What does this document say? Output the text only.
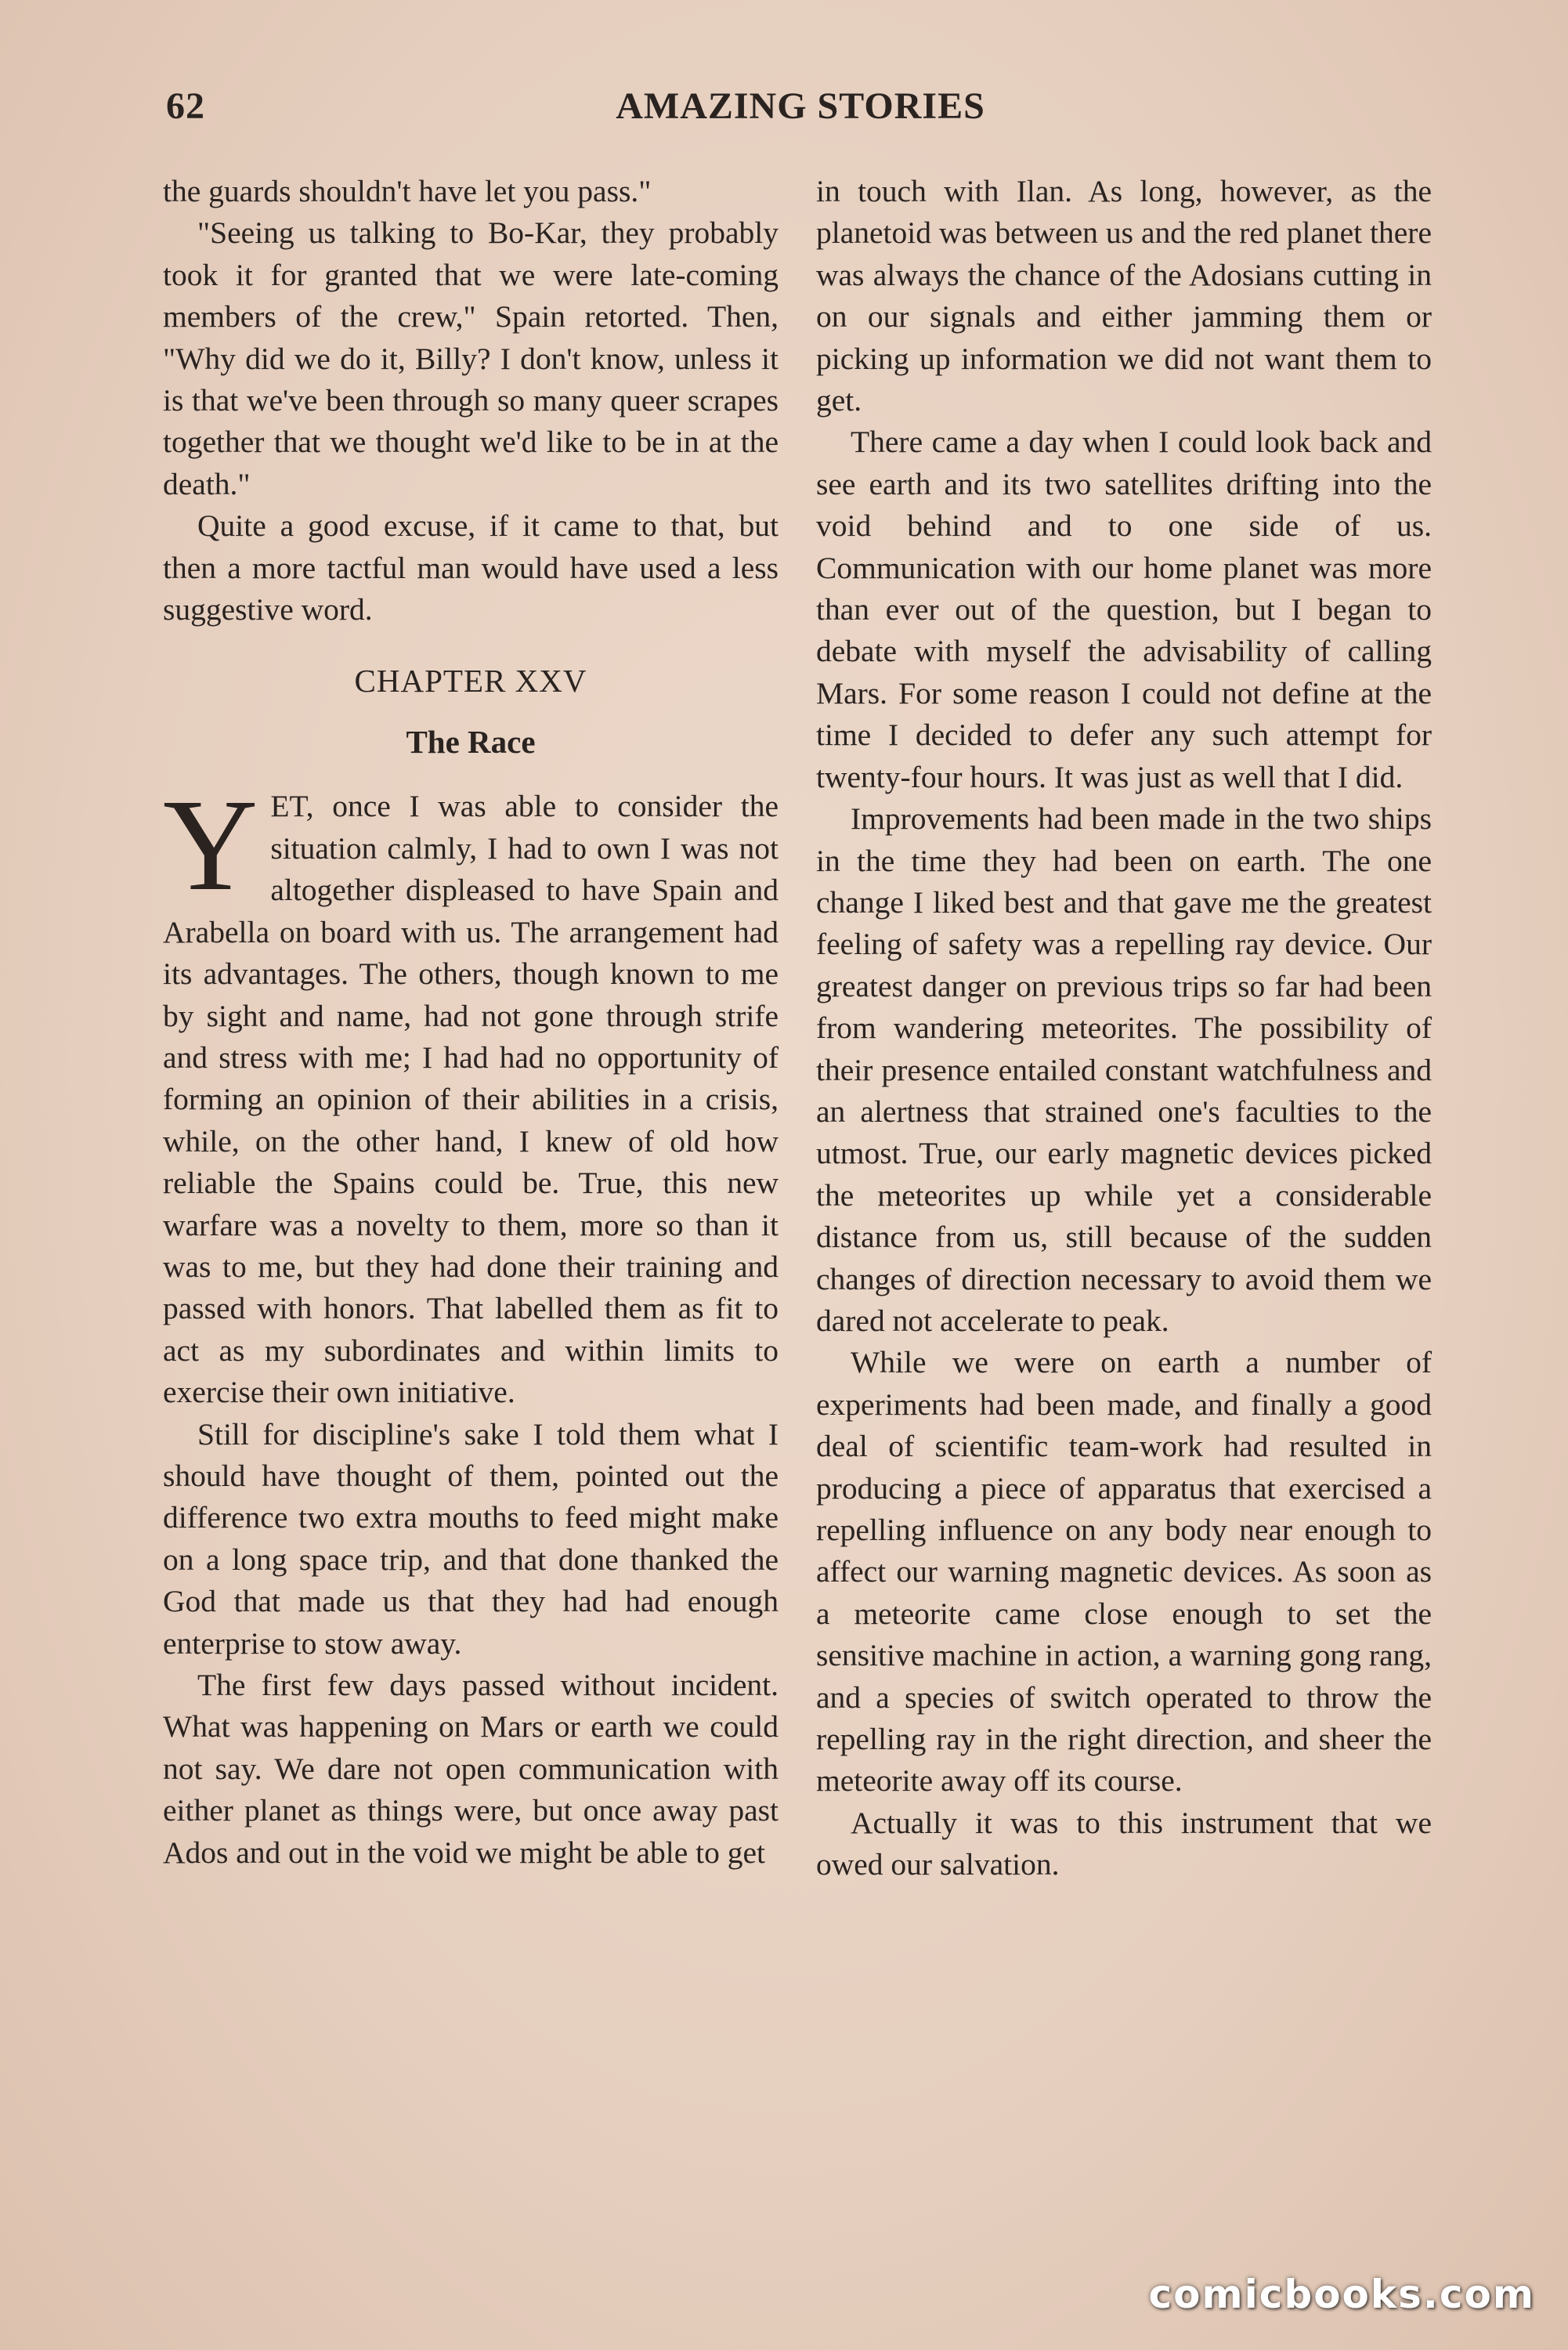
62	AMAZING STORIES

the guards shouldn't have let you pass."

"Seeing us talking to Bo-Kar, they probably took it for granted that we were late-coming members of the crew," Spain retorted. Then, "Why did we do it, Billy? I don't know, unless it is that we've been through so many queer scrapes together that we thought we'd like to be in at the death."

Quite a good excuse, if it came to that, but then a more tactful man would have used a less suggestive word.

CHAPTER XXV
The Race

YET, once I was able to consider the situation calmly, I had to own I was not altogether displeased to have Spain and Arabella on board with us. The arrangement had its advantages. The others, though known to me by sight and name, had not gone through strife and stress with me; I had had no opportunity of forming an opinion of their abilities in a crisis, while, on the other hand, I knew of old how reliable the Spains could be. True, this new warfare was a novelty to them, more so than it was to me, but they had done their training and passed with honors. That labelled them as fit to act as my subordinates and within limits to exercise their own initiative.

Still for discipline's sake I told them what I should have thought of them, pointed out the difference two extra mouths to feed might make on a long space trip, and that done thanked the God that made us that they had had enough enterprise to stow away.

The first few days passed without incident. What was happening on Mars or earth we could not say. We dare not open communication with either planet as things were, but once away past Ados and out in the void we might be able to get

in touch with Ilan. As long, however, as the planetoid was between us and the red planet there was always the chance of the Adosians cutting in on our signals and either jamming them or picking up information we did not want them to get.

There came a day when I could look back and see earth and its two satellites drifting into the void behind and to one side of us. Communication with our home planet was more than ever out of the question, but I began to debate with myself the advisability of calling Mars. For some reason I could not define at the time I decided to defer any such attempt for twenty-four hours. It was just as well that I did.

Improvements had been made in the two ships in the time they had been on earth. The one change I liked best and that gave me the greatest feeling of safety was a repelling ray device. Our greatest danger on previous trips so far had been from wandering meteorites. The possibility of their presence entailed constant watchfulness and an alertness that strained one's faculties to the utmost. True, our early magnetic devices picked the meteorites up while yet a considerable distance from us, still because of the sudden changes of direction necessary to avoid them we dared not accelerate to peak.

While we were on earth a number of experiments had been made, and finally a good deal of scientific team-work had resulted in producing a piece of apparatus that exercised a repelling influence on any body near enough to affect our warning magnetic devices. As soon as a meteorite came close enough to set the sensitive machine in action, a warning gong rang, and a species of switch operated to throw the repelling ray in the right direction, and sheer the meteorite away off its course.

Actually it was to this instrument that we owed our salvation.

comicbooks.com
